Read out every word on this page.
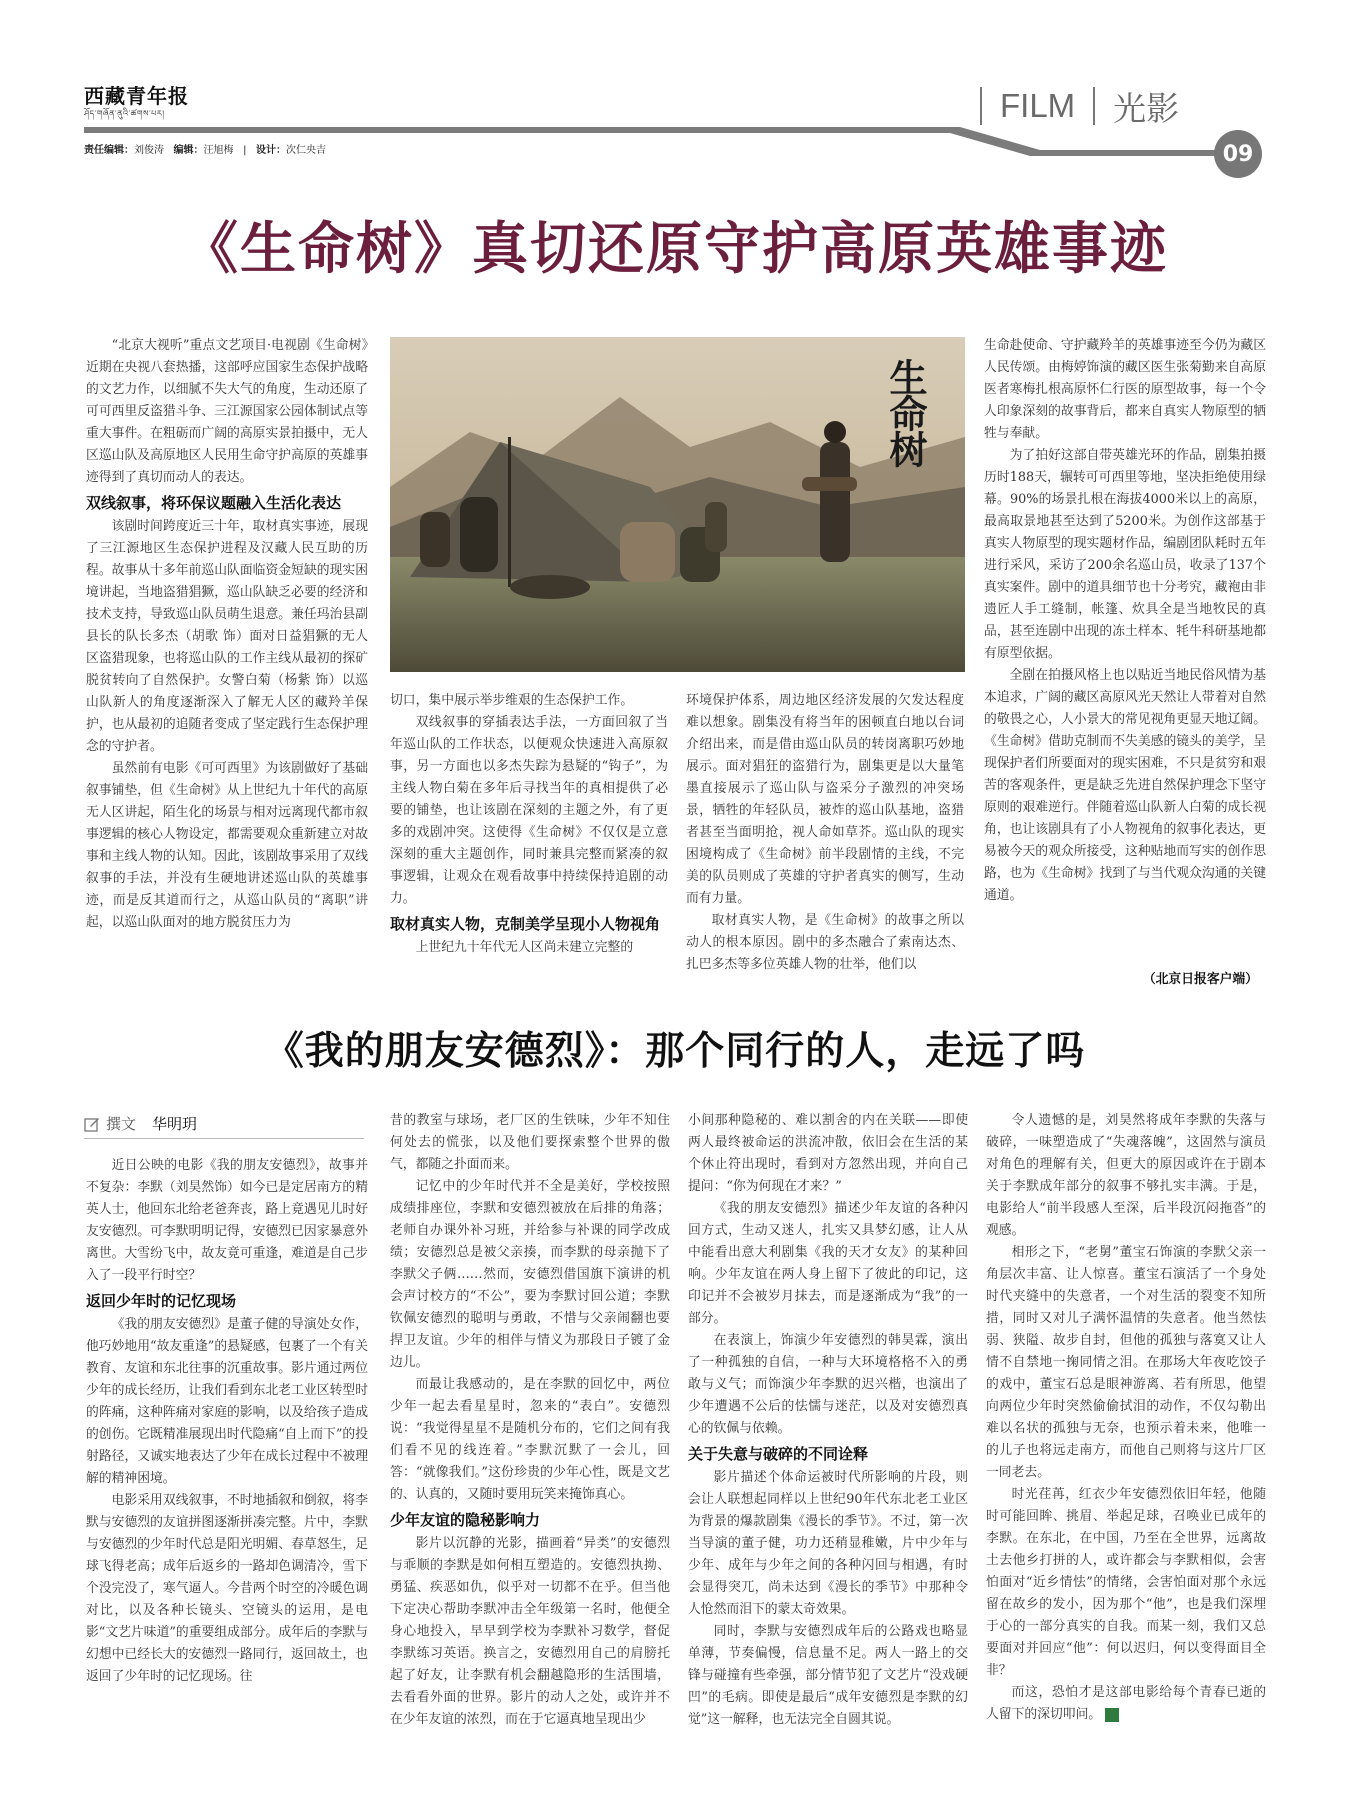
西藏青年报
ཤོད་གཞོན་ནུའི་ཚགས་པར།	FILM 光影
09
责任编辑：刘俊涛 编辑：汪旭梅 | 设计：次仁央吉
《生命树》真切还原守护高原英雄事迹

“北京大视听”重点文艺项目·电视剧《生命树》近期在央视八套热播，这部呼应国家生态保护战略的文艺力作，以细腻不失大气的角度，生动还原了可可西里反盗猎斗争、三江源国家公园体制试点等重大事件。在粗砺而广阔的高原实景拍摄中，无人区巡山队及高原地区人民用生命守护高原的英雄事迹得到了真切而动人的表达。

双线叙事，将环保议题融入生活化表达

该剧时间跨度近三十年，取材真实事迹，展现了三江源地区生态保护进程及汉藏人民互助的历程。故事从十多年前巡山队面临资金短缺的现实困境讲起，当地盗猎猖獗，巡山队缺乏必要的经济和技术支持，导致巡山队员萌生退意。兼任玛治县副县长的队长多杰（胡歌 饰）面对日益猖獗的无人区盗猎现象，也将巡山队的工作主线从最初的探矿脱贫转向了自然保护。女警白菊（杨紫 饰）以巡山队新人的角度逐渐深入了解无人区的藏羚羊保护，也从最初的追随者变成了坚定践行生态保护理念的守护者。

虽然前有电影《可可西里》为该剧做好了基础叙事铺垫，但《生命树》从上世纪九十年代的高原无人区讲起，陌生化的场景与相对远离现代都市叙事逻辑的核心人物设定，都需要观众重新建立对故事和主线人物的认知。因此，该剧故事采用了双线叙事的手法，并没有生硬地讲述巡山队的英雄事迹，而是反其道而行之，从巡山队员的“离职”讲起，以巡山队面对的地方脱贫压力为

生命树

切口，集中展示举步维艰的生态保护工作。

双线叙事的穿插表达手法，一方面回叙了当年巡山队的工作状态，以便观众快速进入高原叙事，另一方面也以多杰失踪为悬疑的“钩子”，为主线人物白菊在多年后寻找当年的真相提供了必要的铺垫，也让该剧在深刻的主题之外，有了更多的戏剧冲突。这使得《生命树》不仅仅是立意深刻的重大主题创作，同时兼具完整而紧凑的叙事逻辑，让观众在观看故事中持续保持追剧的动力。

取材真实人物，克制美学呈现小人物视角

上世纪九十年代无人区尚未建立完整的

环境保护体系，周边地区经济发展的欠发达程度难以想象。剧集没有将当年的困顿直白地以台词介绍出来，而是借由巡山队员的转岗离职巧妙地展示。面对猖狂的盗猎行为，剧集更是以大量笔墨直接展示了巡山队与盗采分子激烈的冲突场景，牺牲的年轻队员，被炸的巡山队基地，盗猎者甚至当面明抢，视人命如草芥。巡山队的现实困境构成了《生命树》前半段剧情的主线，不完美的队员则成了英雄的守护者真实的侧写，生动而有力量。

取材真实人物，是《生命树》的故事之所以动人的根本原因。剧中的多杰融合了索南达杰、扎巴多杰等多位英雄人物的壮举，他们以

生命赴使命、守护藏羚羊的英雄事迹至今仍为藏区人民传颂。由梅婷饰演的藏区医生张菊勤来自高原医者寒梅扎根高原怀仁行医的原型故事，每一个令人印象深刻的故事背后，都来自真实人物原型的牺牲与奉献。

为了拍好这部自带英雄光环的作品，剧集拍摄历时188天，辗转可可西里等地，坚决拒绝使用绿幕。90%的场景扎根在海拔4000米以上的高原，最高取景地甚至达到了5200米。为创作这部基于真实人物原型的现实题材作品，编剧团队耗时五年进行采风，采访了200余名巡山员，收录了137个真实案件。剧中的道具细节也十分考究，藏袍由非遗匠人手工缝制，帐篷、炊具全是当地牧民的真品，甚至连剧中出现的冻土样本、牦牛科研基地都有原型依据。

全剧在拍摄风格上也以贴近当地民俗风情为基本追求，广阔的藏区高原风光天然让人带着对自然的敬畏之心，人小景大的常见视角更显天地辽阔。《生命树》借助克制而不失美感的镜头的美学，呈现保护者们所要面对的现实困难，不只是贫穷和艰苦的客观条件，更是缺乏先进自然保护理念下坚守原则的艰难逆行。伴随着巡山队新人白菊的成长视角，也让该剧具有了小人物视角的叙事化表达，更易被今天的观众所接受，这种贴地而写实的创作思路，也为《生命树》找到了与当代观众沟通的关键通道。

（北京日报客户端）
《我的朋友安德烈》：那个同行的人，走远了吗
撰文 华明玥

近日公映的电影《我的朋友安德烈》，故事并不复杂：李默（刘昊然饰）如今已是定居南方的精英人士，他回东北给老爸奔丧，路上竟遇见儿时好友安德烈。可李默明明记得，安德烈已因家暴意外离世。大雪纷飞中，故友竟可重逢，难道是自己步入了一段平行时空？

返回少年时的记忆现场

《我的朋友安德烈》是董子健的导演处女作，他巧妙地用“故友重逢”的悬疑感，包裹了一个有关教育、友谊和东北往事的沉重故事。影片通过两位少年的成长经历，让我们看到东北老工业区转型时的阵痛，这种阵痛对家庭的影响，以及给孩子造成的创伤。它既精准展现出时代隐痛“自上而下”的投射路径，又诚实地表达了少年在成长过程中不被理解的精神困境。

电影采用双线叙事，不时地插叙和倒叙，将李默与安德烈的友谊拼图逐渐拼凑完整。片中，李默与安德烈的少年时代总是阳光明媚、春草怒生，足球飞得老高；成年后返乡的一路却色调清冷，雪下个没完没了，寒气逼人。今昔两个时空的冷暖色调对比，以及各种长镜头、空镜头的运用，是电影“文艺片味道”的重要组成部分。成年后的李默与幻想中已经长大的安德烈一路同行，返回故土，也返回了少年时的记忆现场。往

昔的教室与球场，老厂区的生铁味，少年不知住何处去的慌张，以及他们要探索整个世界的傲气，都随之扑面而来。

记忆中的少年时代并不全是美好，学校按照成绩排座位，李默和安德烈被放在后排的角落；老师自办课外补习班，并给参与补课的同学改成绩；安德烈总是被父亲揍，而李默的母亲抛下了李默父子俩……然而，安德烈借国旗下演讲的机会声讨校方的“不公”，要为李默讨回公道；李默钦佩安德烈的聪明与勇敢，不惜与父亲闹翻也要捍卫友谊。少年的相伴与情义为那段日子镀了金边儿。

而最让我感动的，是在李默的回忆中，两位少年一起去看星星时，忽来的“表白”。安德烈说：“我觉得星星不是随机分布的，它们之间有我们看不见的线连着。”李默沉默了一会儿，回答：“就像我们。”这份珍贵的少年心性，既是文艺的、认真的，又随时要用玩笑来掩饰真心。

少年友谊的隐秘影响力

影片以沉静的光影，描画着“异类”的安德烈与乖顺的李默是如何相互塑造的。安德烈执拗、勇猛、疾恶如仇，似乎对一切都不在乎。但当他下定决心帮助李默冲击全年级第一名时，他便全身心地投入，早早到学校为李默补习数学，督促李默练习英语。换言之，安德烈用自己的肩膀托起了好友，让李默有机会翻越隐形的生活围墙，去看看外面的世界。影片的动人之处，或许并不在少年友谊的浓烈，而在于它逼真地呈现出少

小间那种隐秘的、难以割舍的内在关联——即使两人最终被命运的洪流冲散，依旧会在生活的某个休止符出现时，看到对方忽然出现，并向自己提问：“你为何现在才来？”

《我的朋友安德烈》描述少年友谊的各种闪回方式，生动又迷人，扎实又具梦幻感，让人从中能看出意大利剧集《我的天才女友》的某种回响。少年友谊在两人身上留下了彼此的印记，这印记并不会被岁月抹去，而是逐渐成为“我”的一部分。

在表演上，饰演少年安德烈的韩昊霖，演出了一种孤独的自信，一种与大环境格格不入的勇敢与义气；而饰演少年李默的迟兴楷，也演出了少年遭遇不公后的怯懦与迷茫，以及对安德烈真心的钦佩与依赖。

关于失意与破碎的不同诠释

影片描述个体命运被时代所影响的片段，则会让人联想起同样以上世纪90年代东北老工业区为背景的爆款剧集《漫长的季节》。不过，第一次当导演的董子健，功力还稍显稚嫩，片中少年与少年、成年与少年之间的各种闪回与相遇，有时会显得突兀，尚未达到《漫长的季节》中那种令人怆然而泪下的蒙太奇效果。

同时，李默与安德烈成年后的公路戏也略显单薄，节奏偏慢，信息量不足。两人一路上的交锋与碰撞有些牵强，部分情节犯了文艺片“没戏硬凹”的毛病。即使是最后“成年安德烈是李默的幻觉”这一解释，也无法完全自圆其说。

令人遗憾的是，刘昊然将成年李默的失落与破碎，一味塑造成了“失魂落魄”，这固然与演员对角色的理解有关，但更大的原因或许在于剧本关于李默成年部分的叙事不够扎实丰满。于是，电影给人“前半段感人至深，后半段沉闷拖沓”的观感。

相形之下，“老舅”董宝石饰演的李默父亲一角层次丰富、让人惊喜。董宝石演活了一个身处时代夹缝中的失意者，一个对生活的裂变不知所措，同时又对儿子满怀温情的失意者。他当然怯弱、狭隘、故步自封，但他的孤独与落寞又让人情不自禁地一掬同情之泪。在那场大年夜吃饺子的戏中，董宝石总是眼神游离、若有所思，他望向两位少年时突然偷偷拭泪的动作，不仅勾勒出难以名状的孤独与无奈，也预示着未来，他唯一的儿子也将远走南方，而他自己则将与这片厂区一同老去。

时光荏苒，红衣少年安德烈依旧年轻，他随时可能回眸、挑眉、举起足球，召唤业已成年的李默。在东北，在中国，乃至在全世界，远离故土去他乡打拼的人，或许都会与李默相似，会害怕面对“近乡情怯”的情绪，会害怕面对那个永远留在故乡的发小，因为那个“他”，也是我们深埋于心的一部分真实的自我。而某一刻，我们又总要面对并回应“他”：何以迟归，何以变得面目全非？

而这，恐怕才是这部电影给每个青春已逝的人留下的深切叩问。	青
